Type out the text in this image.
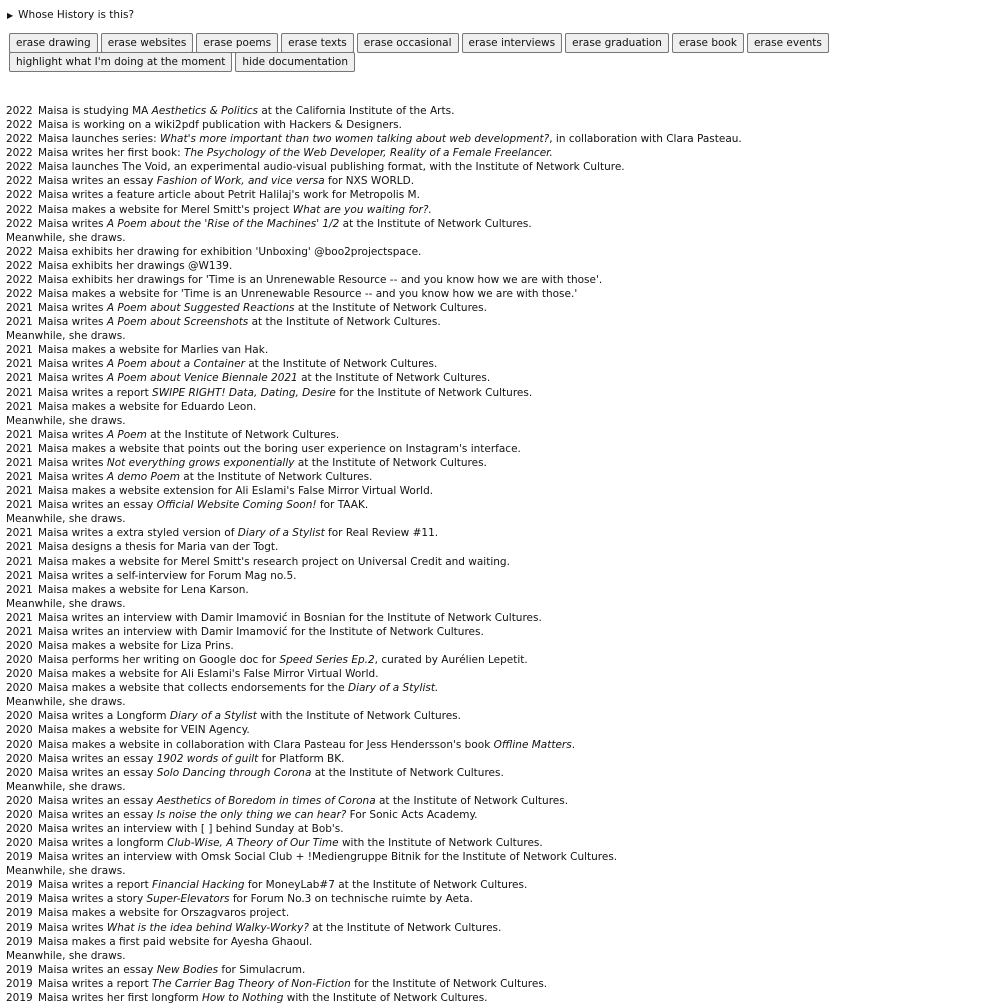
▶ Whose History is this?
erase drawing	erase websites	erase poems	erase texts	erase occasional	erase interviews	erase graduation	erase book	erase events
highlight what I'm doing at the moment	hide documentation
2022 Maisa is studying MA Aesthetics & Politics at the California Institute of the Arts.
2022 Maisa is working on a wiki2pdf publication with Hackers & Designers.
2022 Maisa launches series: What's more important than two women talking about web development?, in collaboration with Clara Pasteau.
2022 Maisa writes her first book: The Psychology of the Web Developer, Reality of a Female Freelancer.
2022 Maisa launches The Void, an experimental audio-visual publishing format, with the Institute of Network Culture.
2022 Maisa writes an essay Fashion of Work, and vice versa for NXS WORLD.
2022 Maisa writes a feature article about Petrit Halilaj's work for Metropolis M.
2022 Maisa makes a website for Merel Smitt's project What are you waiting for?.
2022 Maisa writes A Poem about the 'Rise of the Machines' 1/2 at the Institute of Network Cultures.
Meanwhile, she draws.
2022 Maisa exhibits her drawing for exhibition 'Unboxing' @boo2projectspace.
2022 Maisa exhibits her drawings @W139.
2022 Maisa exhibits her drawings for 'Time is an Unrenewable Resource -- and you know how we are with those'.
2022 Maisa makes a website for 'Time is an Unrenewable Resource -- and you know how we are with those.'
2021 Maisa writes A Poem about Suggested Reactions at the Institute of Network Cultures.
2021 Maisa writes A Poem about Screenshots at the Institute of Network Cultures.
Meanwhile, she draws.
2021 Maisa makes a website for Marlies van Hak.
2021 Maisa writes A Poem about a Container at the Institute of Network Cultures.
2021 Maisa writes A Poem about Venice Biennale 2021 at the Institute of Network Cultures.
2021 Maisa writes a report SWIPE RIGHT! Data, Dating, Desire for the Institute of Network Cultures.
2021 Maisa makes a website for Eduardo Leon.
Meanwhile, she draws.
2021 Maisa writes A Poem at the Institute of Network Cultures.
2021 Maisa makes a website that points out the boring user experience on Instagram's interface.
2021 Maisa writes Not everything grows exponentially at the Institute of Network Cultures.
2021 Maisa writes A demo Poem at the Institute of Network Cultures.
2021 Maisa makes a website extension for Ali Eslami's False Mirror Virtual World.
2021 Maisa writes an essay Official Website Coming Soon! for TAAK.
Meanwhile, she draws.
2021 Maisa writes a extra styled version of Diary of a Stylist for Real Review #11.
2021 Maisa designs a thesis for Maria van der Togt.
2021 Maisa makes a website for Merel Smitt's research project on Universal Credit and waiting.
2021 Maisa writes a self-interview for Forum Mag no.5.
2021 Maisa makes a website for Lena Karson.
Meanwhile, she draws.
2021 Maisa writes an interview with Damir Imamović in Bosnian for the Institute of Network Cultures.
2021 Maisa writes an interview with Damir Imamović for the Institute of Network Cultures.
2020 Maisa makes a website for Liza Prins.
2020 Maisa performs her writing on Google doc for Speed Series Ep.2, curated by Aurélien Lepetit.
2020 Maisa makes a website for Ali Eslami's False Mirror Virtual World.
2020 Maisa makes a website that collects endorsements for the Diary of a Stylist.
Meanwhile, she draws.
2020 Maisa writes a Longform Diary of a Stylist with the Institute of Network Cultures.
2020 Maisa makes a website for VEIN Agency.
2020 Maisa makes a website in collaboration with Clara Pasteau for Jess Hendersson's book Offline Matters.
2020 Maisa writes an essay 1902 words of guilt for Platform BK.
2020 Maisa writes an essay Solo Dancing through Corona at the Institute of Network Cultures.
Meanwhile, she draws.
2020 Maisa writes an essay Aesthetics of Boredom in times of Corona at the Institute of Network Cultures.
2020 Maisa writes an essay Is noise the only thing we can hear? For Sonic Acts Academy.
2020 Maisa writes an interview with [ ] behind Sunday at Bob's.
2020 Maisa writes a longform Club-Wise, A Theory of Our Time with the Institute of Network Cultures.
2019 Maisa writes an interview with Omsk Social Club + !Mediengruppe Bitnik for the Institute of Network Cultures.
Meanwhile, she draws.
2019 Maisa writes a report Financial Hacking for MoneyLab#7 at the Institute of Network Cultures.
2019 Maisa writes a story Super-Elevators for Forum No.3 on technische ruimte by Aeta.
2019 Maisa makes a website for Orszagvaros project.
2019 Maisa writes What is the idea behind Walky-Worky? at the Institute of Network Cultures.
2019 Maisa makes a first paid website for Ayesha Ghaoul.
Meanwhile, she draws.
2019 Maisa writes an essay New Bodies for Simulacrum.
2019 Maisa writes a report The Carrier Bag Theory of Non-Fiction for the Institute of Network Cultures.
2019 Maisa writes her first longform How to Nothing with the Institute of Network Cultures.
